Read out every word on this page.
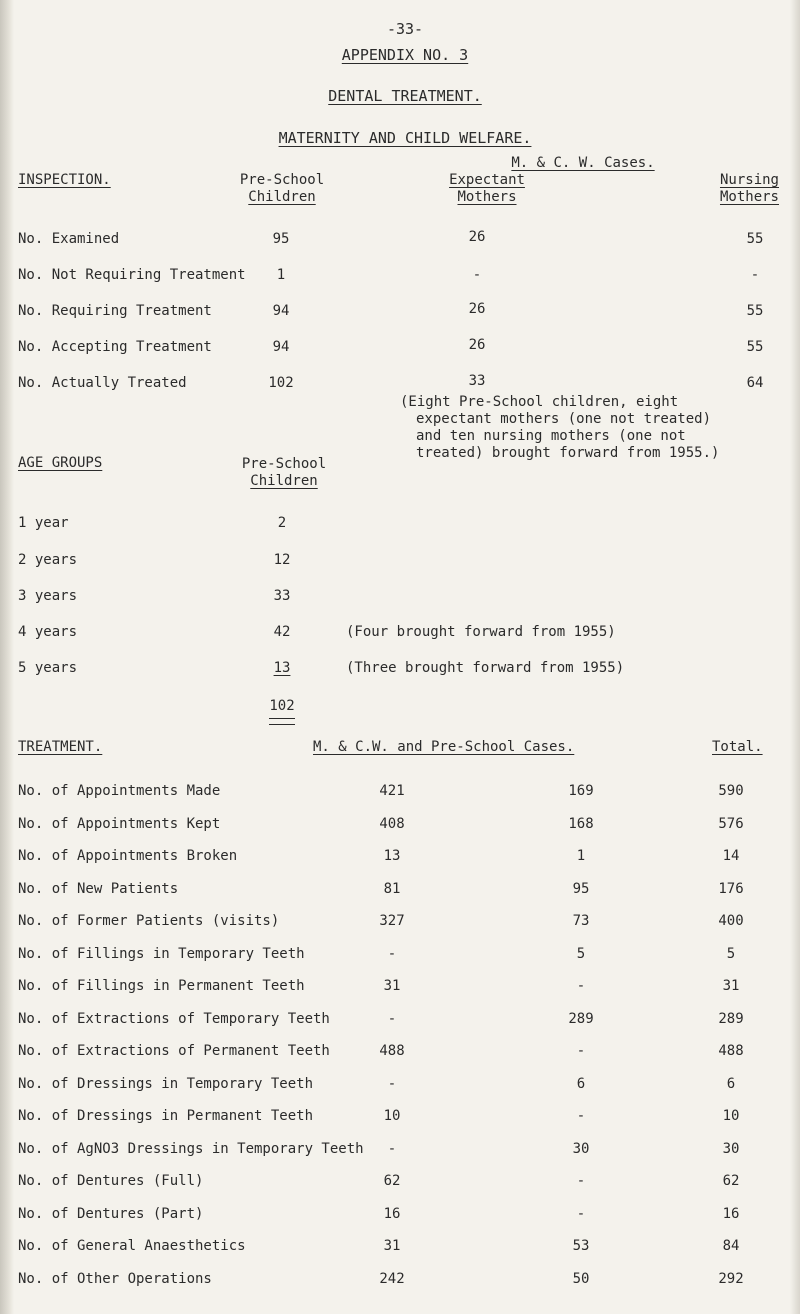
-33-
APPENDIX NO. 3
DENTAL TREATMENT.
MATERNITY AND CHILD WELFARE.
INSPECTION.
M. & C. W. Cases.
Pre-School
Children
Expectant
Mothers
Nursing
Mothers
No. Examined	95	26	55
No. Not Requiring Treatment 1	-	-
No. Requiring Treatment	94	26	55
No. Accepting Treatment	94	26	55
No. Actually Treated	102	33	64
(Eight Pre-School children, eight
expectant mothers (one not treated)
and ten nursing mothers (one not
treated) brought forward from 1955.)
AGE GROUPS	Pre-School
Children
1 year	2
2 years	12
3 years	33
4 years	42	(Four brought forward from 1955)
5 years	13	(Three brought forward from 1955)
102
TREATMENT.	M. & C.W. and Pre-School Cases.	Total.
No. of Appointments Made	421	169	590
No. of Appointments Kept	408	168	576
No. of Appointments Broken	13	1	14
No. of New Patients	81	95	176
No. of Former Patients (visits)	327	73	400
No. of Fillings in Temporary Teeth	-	5	5
No. of Fillings in Permanent Teeth	31	-	31
No. of Extractions of Temporary Teeth	-	289	289
No. of Extractions of Permanent Teeth	488	-	488
No. of Dressings in Temporary Teeth	-	6	6
No. of Dressings in Permanent Teeth	10	-	10
No. of AgNO3 Dressings in Temporary Teeth -	30	30
No. of Dentures (Full)	62	-	62
No. of Dentures (Part)	16	-	16
No. of General Anaesthetics	31	53	84
No. of Other Operations	242	50	292
